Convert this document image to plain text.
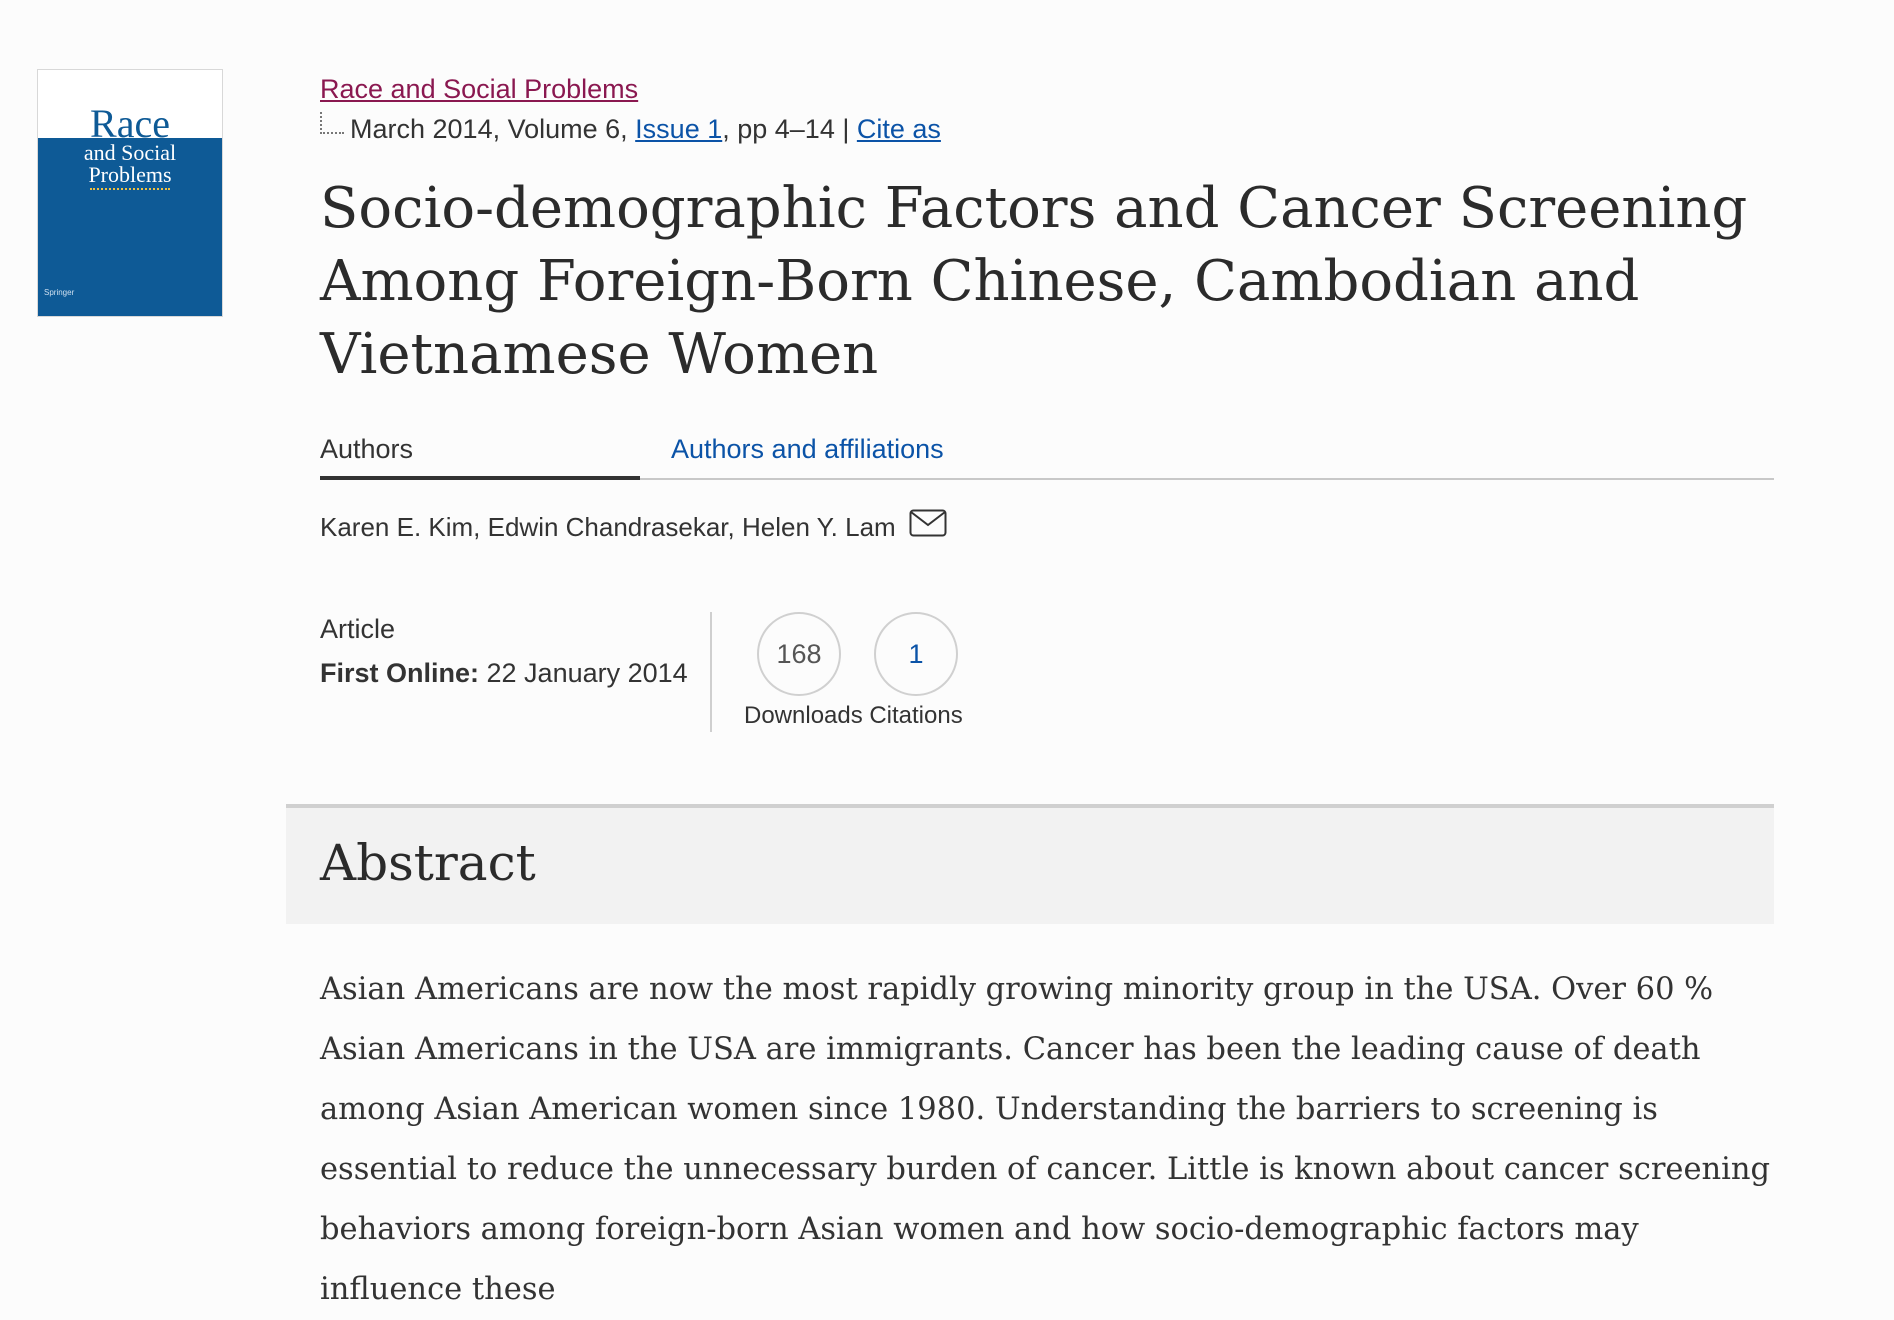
Race
and Social
Problems
Springer
Race and Social Problems
March 2014, Volume 6, Issue 1, pp 4–14 | Cite as
Socio-demographic Factors and Cancer Screening Among Foreign-Born Chinese, Cambodian and Vietnamese Women
Authors	Authors and affiliations
Karen E. Kim, Edwin Chandrasekar, Helen Y. Lam
Article
First Online: 22 January 2014
168
Downloads
1
Citations
Abstract

Asian Americans are now the most rapidly growing minority group in the USA. Over 60 % Asian Americans in the USA are immigrants. Cancer has been the leading cause of death among Asian American women since 1980. Understanding the barriers to screening is essential to reduce the unnecessary burden of cancer. Little is known about cancer screening behaviors among foreign-born Asian women and how socio-demographic factors may influence these
